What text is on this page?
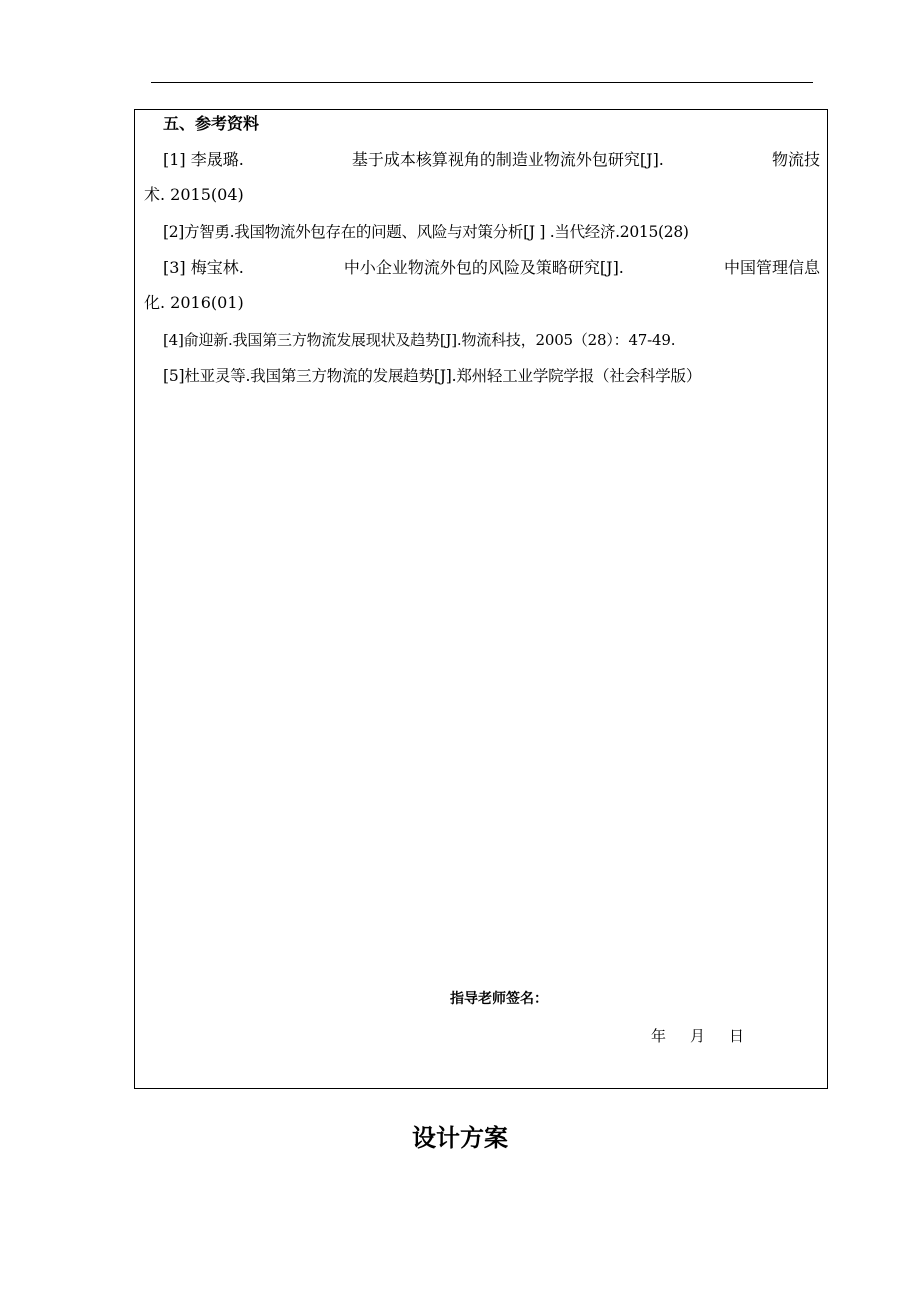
五、参考资料
[1] 李晟璐.	基于成本核算视角的制造业物流外包研究[J].	物流技
术. 2015(04)
[2]方智勇.我国物流外包存在的问题、风险与对策分析[J ] .当代经济.2015(28)
[3] 梅宝林.	中小企业物流外包的风险及策略研究[J].	中国管理信息
化. 2016(01)
[4]俞迎新.我国第三方物流发展现状及趋势[J].物流科技，2005（28）：47-49.
[5]杜亚灵等.我国第三方物流的发展趋势[J].郑州轻工业学院学报（社会科学版）
指导老师签名：
年 月 日
设计方案
